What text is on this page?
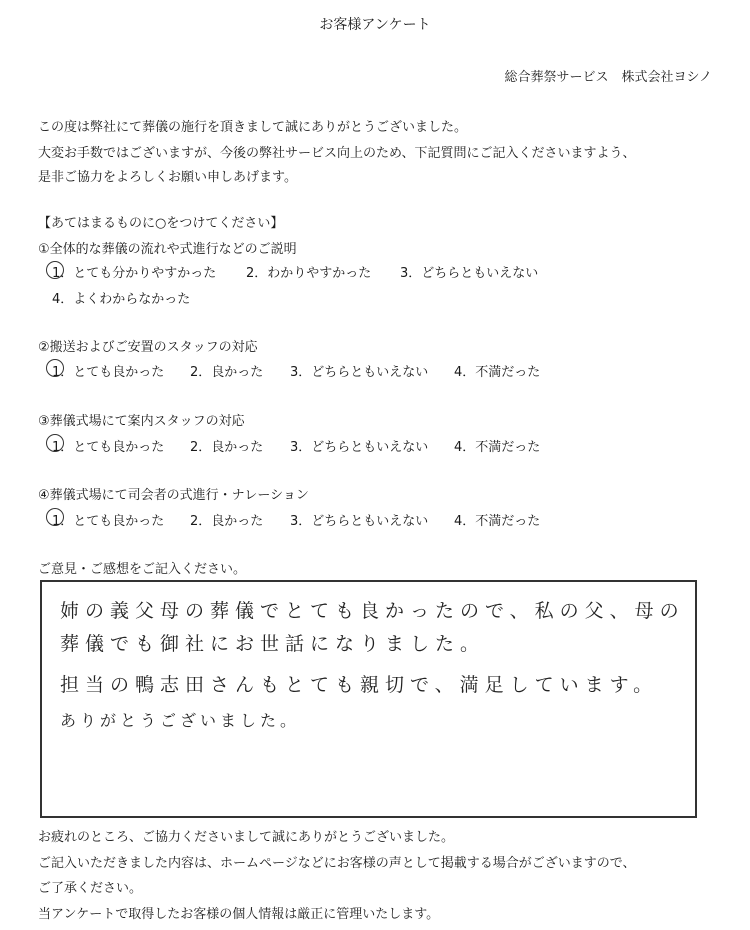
お客様アンケート
総合葬祭サービス　株式会社ヨシノ
この度は弊社にて葬儀の施行を頂きまして誠にありがとうございました。
大変お手数ではございますが、今後の弊社サービス向上のため、下記質問にご記入くださいますよう、
是非ご協力をよろしくお願い申しあげます。
【あてはまるものに○をつけてください】
①全体的な葬儀の流れや式進行などのご説明
1．とても分かりやすかった 2．わかりやすかった 3．どちらともいえない
4．よくわからなかった
②搬送およびご安置のスタッフの対応
1．とても良かった 2．良かった 3．どちらともいえない 4．不満だった
③葬儀式場にて案内スタッフの対応
1．とても良かった 2．良かった 3．どちらともいえない 4．不満だった
④葬儀式場にて司会者の式進行・ナレーション
1．とても良かった 2．良かった 3．どちらともいえない 4．不満だった
ご意見・ご感想をご記入ください。
姉の義父母の葬儀でとても良かったので、私の父、母の
葬儀でも御社にお世話になりました。
担当の鴨志田さんもとても親切で、満足しています。
ありがとうございました。
お疲れのところ、ご協力くださいまして誠にありがとうございました。
ご記入いただきました内容は、ホームページなどにお客様の声として掲載する場合がございますので、
ご了承ください。
当アンケートで取得したお客様の個人情報は厳正に管理いたします。
